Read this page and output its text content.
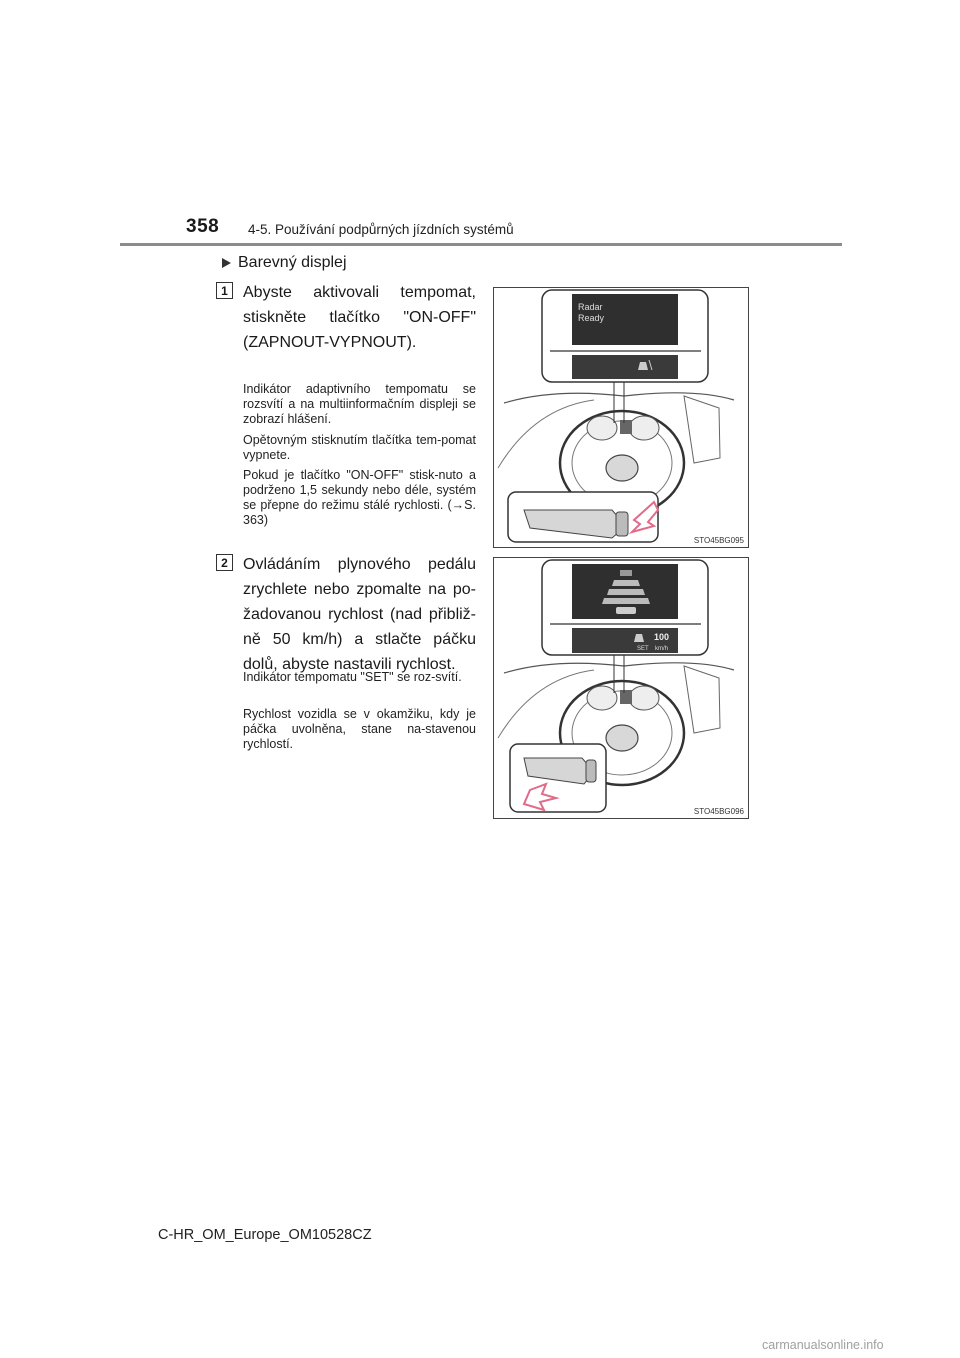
358 4-5. Používání podpůrných jízdních systémů
Barevný displej
1 Abyste aktivovali tempomat, stiskněte tlačítko "ON-OFF" (ZAPNOUT-VYPNOUT).
Indikátor adaptivního tempomatu se rozsvítí a na multiinformačním displeji se zobrazí hlášení.
Opětovným stisknutím tlačítka tem-pomat vypnete.
Pokud je tlačítko "ON-OFF" stisk-nuto a podrženo 1,5 sekundy nebo déle, systém se přepne do režimu stálé rychlosti. (→S. 363)
Radar
Ready
STO45BG095
2 Ovládáním plynového pedálu zrychlete nebo zpomalte na po-žadovanou rychlost (nad přibliž-ně 50 km/h) a stlačte páčku dolů, abyste nastavili rychlost.
Indikátor tempomatu "SET" se roz-svítí.
Rychlost vozidla se v okamžiku, kdy je páčka uvolněna, stane na-stavenou rychlostí.
100
SET km/h
STO45BG096
C-HR_OM_Europe_OM10528CZ
carmanualsonline.info
